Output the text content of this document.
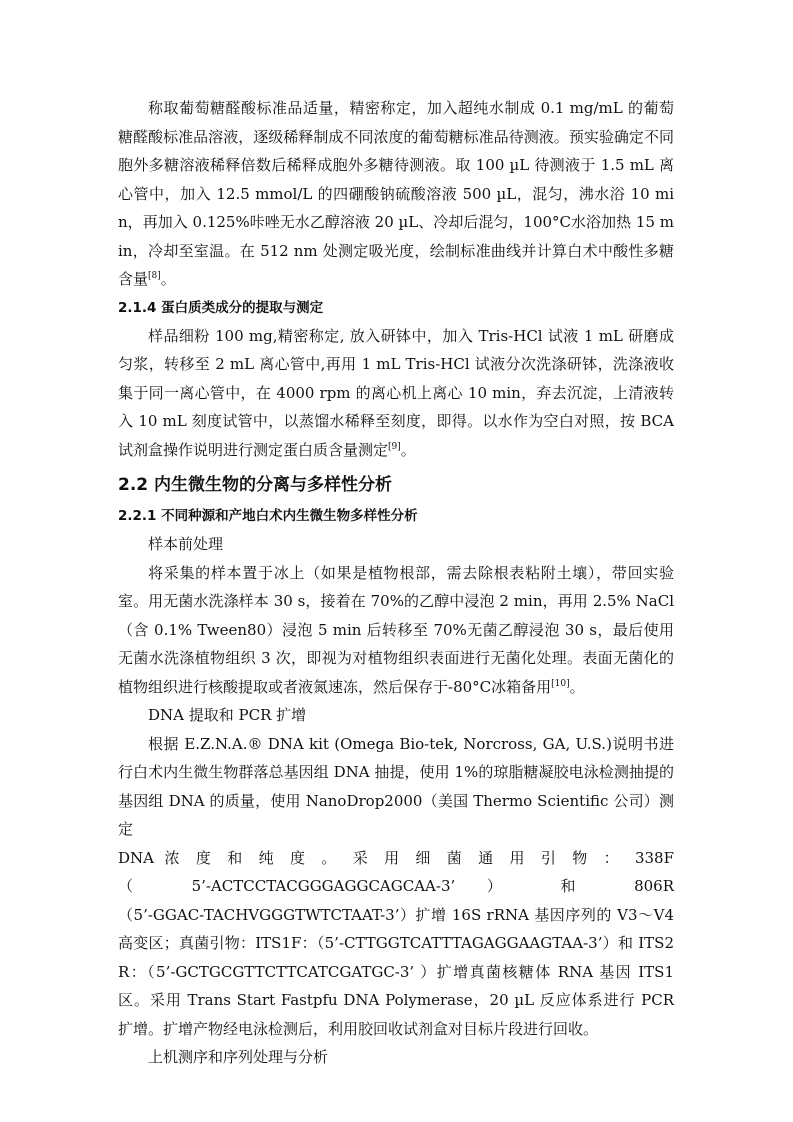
称取葡萄糖醛酸标准品适量，精密称定，加入超纯水制成 0.1 mg/mL 的葡萄糖醛酸标准品溶液，逐级稀释制成不同浓度的葡萄糖标准品待测液。预实验确定不同胞外多糖溶液稀释倍数后稀释成胞外多糖待测液。取 100 µL 待测液于 1.5 mL 离心管中，加入 12.5 mmol/L 的四硼酸钠硫酸溶液 500 µL，混匀，沸水浴 10 min，再加入 0.125%咔唑无水乙醇溶液 20 µL、冷却后混匀，100°C水浴加热 15 min，冷却至室温。在 512 nm 处测定吸光度，绘制标准曲线并计算白术中酸性多糖含量[8]。

2.1.4 蛋白质类成分的提取与测定

样品细粉 100 mg,精密称定, 放入研钵中，加入 Tris-HCl 试液 1 mL 研磨成匀浆，转移至 2 mL 离心管中,再用 1 mL Tris-HCl 试液分次洗涤研钵，洗涤液收集于同一离心管中，在 4000 rpm 的离心机上离心 10 min，弃去沉淀，上清液转入 10 mL 刻度试管中，以蒸馏水稀释至刻度，即得。以水作为空白对照，按 BCA 试剂盒操作说明进行测定蛋白质含量测定[9]。

2.2 内生微生物的分离与多样性分析
2.2.1 不同种源和产地白术内生微生物多样性分析

样本前处理

将采集的样本置于冰上（如果是植物根部，需去除根表粘附土壤），带回实验室。用无菌水洗涤样本 30 s，接着在 70%的乙醇中浸泡 2 min，再用 2.5% NaCl（含 0.1% Tween80）浸泡 5 min 后转移至 70%无菌乙醇浸泡 30 s，最后使用无菌水洗涤植物组织 3 次，即视为对植物组织表面进行无菌化处理。表面无菌化的植物组织进行核酸提取或者液氮速冻，然后保存于-80°C冰箱备用[10]。

DNA 提取和 PCR 扩增

根据 E.Z.N.A.® DNA kit (Omega Bio-tek, Norcross, GA, U.S.)说明书进行白术内生微生物群落总基因组 DNA 抽提，使用 1%的琼脂糖凝胶电泳检测抽提的基因组 DNA 的质量，使用 NanoDrop2000（美国 Thermo Scientific 公司）测定

DNA 浓 度 和 纯 度 。 采 用 细 菌 通 用 引 物 ： 338F

（ 5’-ACTCCTACGGGAGGCAGCAA-3’ ） 和 806R

（5’-GGAC-TACHVGGGTWTCTAAT-3’）扩增 16S rRNA 基因序列的 V3～V4 高变区；真菌引物：ITS1F：（5’-CTTGGTCATTTAGAGGAAGTAA-3’）和 ITS2R：（5’-GCTGCGTTCTTCATCGATGC-3’ ）扩增真菌核糖体 RNA 基因 ITS1 区。采用 Trans Start Fastpfu DNA Polymerase，20 µL 反应体系进行 PCR 扩增。扩增产物经电泳检测后，利用胶回收试剂盒对目标片段进行回收。

上机测序和序列处理与分析
